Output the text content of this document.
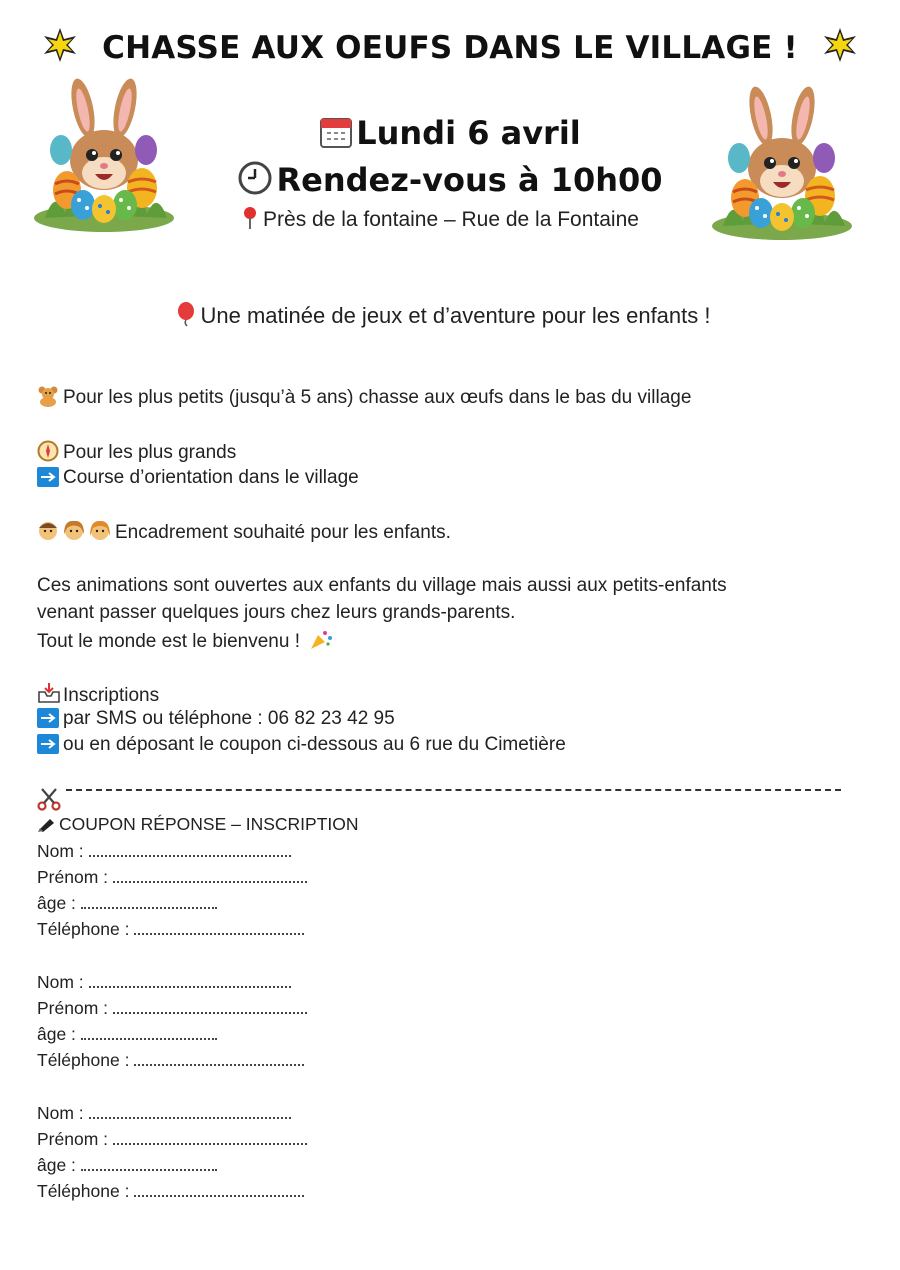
CHASSE AUX OEUFS DANS LE VILLAGE !
Lundi 6 avril
Rendez-vous à 10h00
Près de la fontaine – Rue de la Fontaine
Une matinée de jeux et d’aventure pour les enfants !
Pour les plus petits (jusqu’à 5 ans) chasse aux œufs dans le bas du village
Pour les plus grands
Course d’orientation dans le village
Encadrement souhaité pour les enfants.
Ces animations sont ouvertes aux enfants du village mais aussi aux petits-enfants
venant passer quelques jours chez leurs grands-parents.
Tout le monde est le bienvenu !
Inscriptions
par SMS ou téléphone : 06 82 23 42 95
ou en déposant le coupon ci-dessous au 6 rue du Cimetière
COUPON RÉPONSE – INSCRIPTION
Nom :
Prénom :
âge :
Téléphone :
Nom :
Prénom :
âge :
Téléphone :
Nom :
Prénom :
âge :
Téléphone :
